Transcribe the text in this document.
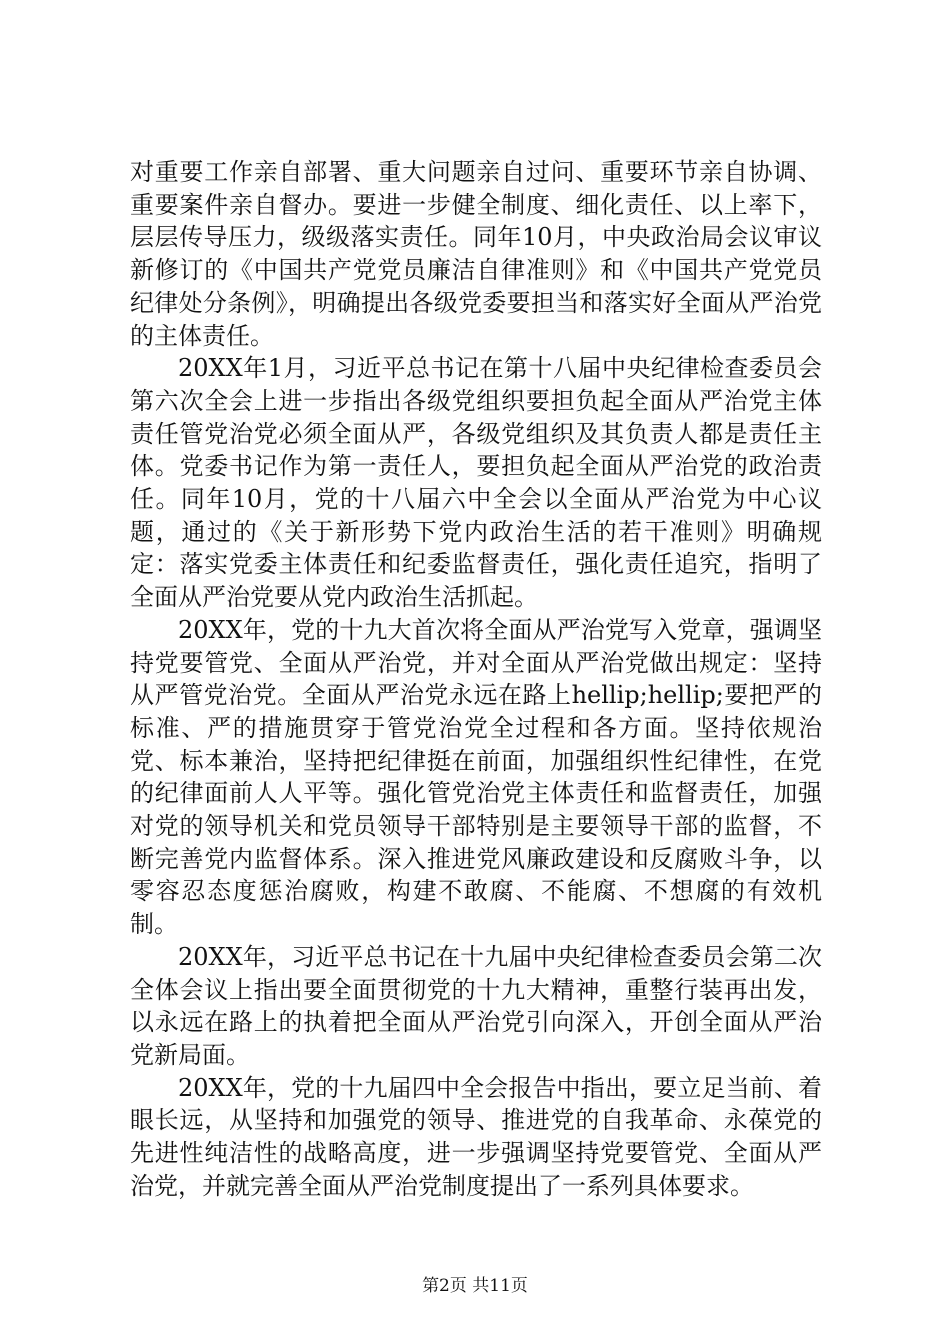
对重要工作亲自部署、重大问题亲自过问、重要环节亲自协调、重要案件亲自督办。要进一步健全制度、细化责任、以上率下，层层传导压力，级级落实责任。同年10月，中央政治局会议审议新修订的《中国共产党党员廉洁自律准则》和《中国共产党党员纪律处分条例》，明确提出各级党委要担当和落实好全面从严治党的主体责任。

20XX年1月，习近平总书记在第十八届中央纪律检查委员会第六次全会上进一步指出各级党组织要担负起全面从严治党主体责任管党治党必须全面从严，各级党组织及其负责人都是责任主体。党委书记作为第一责任人，要担负起全面从严治党的政治责任。同年10月，党的十八届六中全会以全面从严治党为中心议题，通过的《关于新形势下党内政治生活的若干准则》明确规定：落实党委主体责任和纪委监督责任，强化责任追究，指明了全面从严治党要从党内政治生活抓起。

20XX年，党的十九大首次将全面从严治党写入党章，强调坚持党要管党、全面从严治党，并对全面从严治党做出规定：坚持从严管党治党。全面从严治党永远在路上hellip;hellip;要把严的标准、严的措施贯穿于管党治党全过程和各方面。坚持依规治党、标本兼治，坚持把纪律挺在前面，加强组织性纪律性，在党的纪律面前人人平等。强化管党治党主体责任和监督责任，加强对党的领导机关和党员领导干部特别是主要领导干部的监督，不断完善党内监督体系。深入推进党风廉政建设和反腐败斗争，以零容忍态度惩治腐败，构建不敢腐、不能腐、不想腐的有效机制。

20XX年，习近平总书记在十九届中央纪律检查委员会第二次全体会议上指出要全面贯彻党的十九大精神，重整行装再出发，以永远在路上的执着把全面从严治党引向深入，开创全面从严治党新局面。

20XX年，党的十九届四中全会报告中指出，要立足当前、着眼长远，从坚持和加强党的领导、推进党的自我革命、永葆党的先进性纯洁性的战略高度，进一步强调坚持党要管党、全面从严治党，并就完善全面从严治党制度提出了一系列具体要求。

第2页 共11页
